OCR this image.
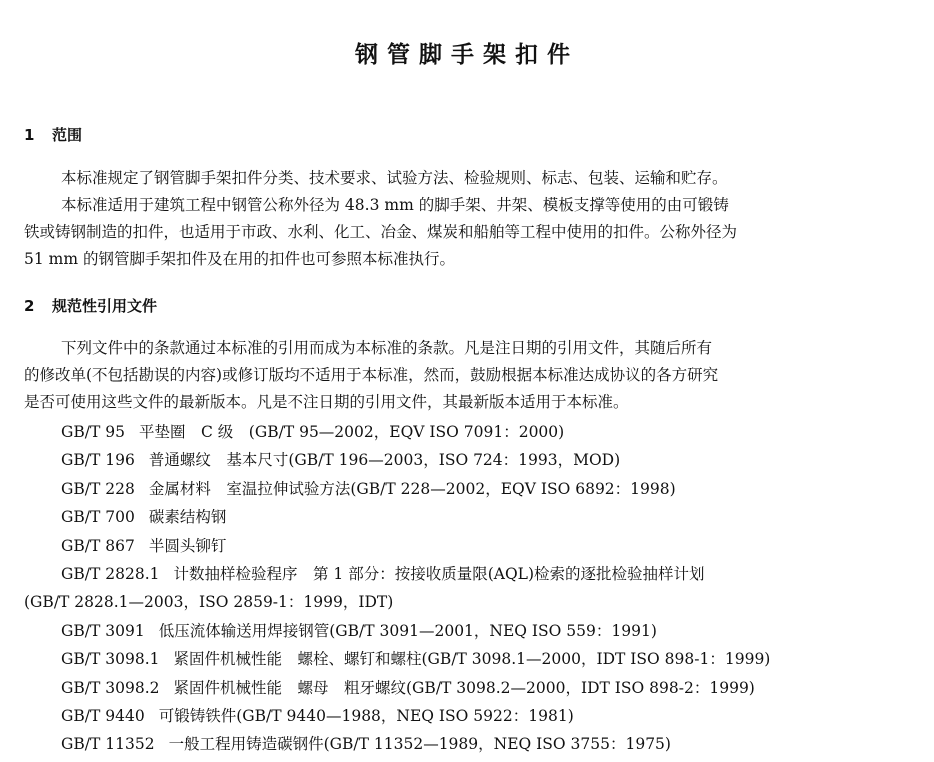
钢管脚手架扣件
1 范围
本标准规定了钢管脚手架扣件分类、技术要求、试验方法、检验规则、标志、包装、运输和贮存。
本标准适用于建筑工程中钢管公称外径为 48.3 mm 的脚手架、井架、模板支撑等使用的由可锻铸
铁或铸钢制造的扣件，也适用于市政、水利、化工、冶金、煤炭和船舶等工程中使用的扣件。公称外径为
51 mm 的钢管脚手架扣件及在用的扣件也可参照本标准执行。
2 规范性引用文件
下列文件中的条款通过本标准的引用而成为本标准的条款。凡是注日期的引用文件，其随后所有
的修改单(不包括勘误的内容)或修订版均不适用于本标准，然而，鼓励根据本标准达成协议的各方研究
是否可使用这些文件的最新版本。凡是不注日期的引用文件，其最新版本适用于本标准。
GB/T 95 平垫圈　C 级　(GB/T 95—2002，EQV ISO 7091：2000)
GB/T 196 普通螺纹　基本尺寸(GB/T 196—2003，ISO 724：1993，MOD)
GB/T 228 金属材料　室温拉伸试验方法(GB/T 228—2002，EQV ISO 6892：1998)
GB/T 700 碳素结构钢
GB/T 867 半圆头铆钉
GB/T 2828.1 计数抽样检验程序　第 1 部分：按接收质量限(AQL)检索的逐批检验抽样计划
(GB/T 2828.1—2003，ISO 2859-1：1999，IDT)
GB/T 3091 低压流体输送用焊接钢管(GB/T 3091—2001，NEQ ISO 559：1991)
GB/T 3098.1 紧固件机械性能　螺栓、螺钉和螺柱(GB/T 3098.1—2000，IDT ISO 898-1：1999)
GB/T 3098.2 紧固件机械性能　螺母　粗牙螺纹(GB/T 3098.2—2000，IDT ISO 898-2：1999)
GB/T 9440 可锻铸铁件(GB/T 9440—1988，NEQ ISO 5922：1981)
GB/T 11352 一般工程用铸造碳钢件(GB/T 11352—1989，NEQ ISO 3755：1975)
